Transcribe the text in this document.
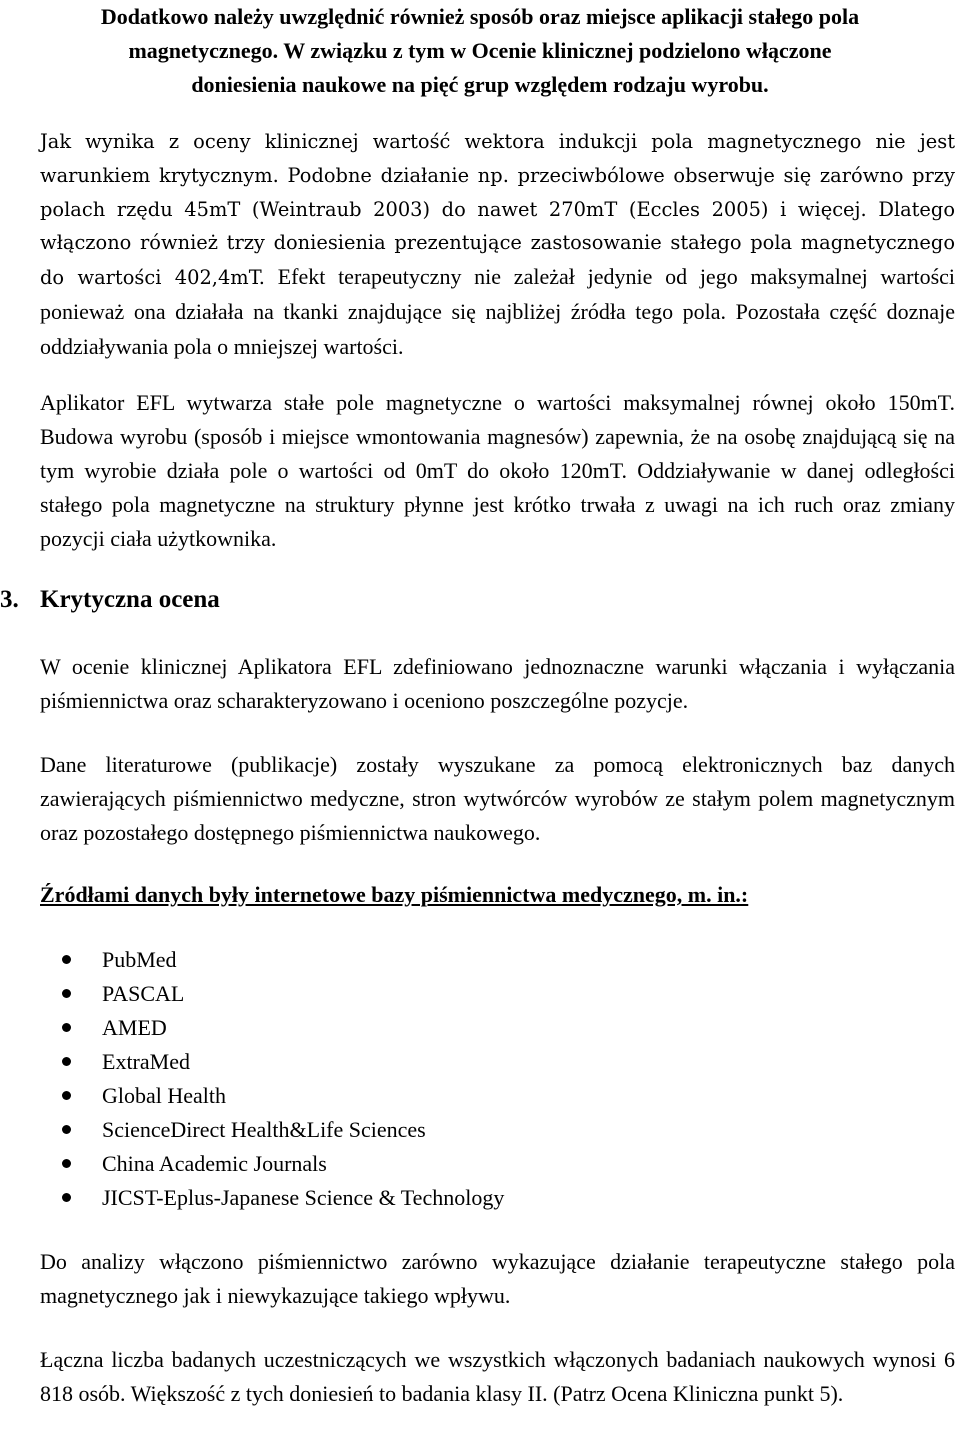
Dodatkowo należy uwzględnić również sposób oraz miejsce aplikacji stałego pola
magnetycznego. W związku z tym w Ocenie klinicznej podzielono włączone
doniesienia naukowe na pięć grup względem rodzaju wyrobu.

Jak wynika z oceny klinicznej wartość wektora indukcji pola magnetycznego nie jest warunkiem krytycznym. Podobne działanie np. przeciwbólowe obserwuje się zarówno przy polach rzędu 45mT (Weintraub 2003) do nawet 270mT (Eccles 2005) i więcej. Dlatego włączono również trzy doniesienia prezentujące zastosowanie stałego pola magnetycznego do wartości 402,4mT. Efekt terapeutyczny nie zależał jedynie od jego maksymalnej wartości ponieważ ona działała na tkanki znajdujące się najbliżej źródła tego pola. Pozostała część doznaje oddziaływania pola o mniejszej wartości.

Aplikator EFL wytwarza stałe pole magnetyczne o wartości maksymalnej równej około 150mT. Budowa wyrobu (sposób i miejsce wmontowania magnesów) zapewnia, że na osobę znajdującą się na tym wyrobie działa pole o wartości od 0mT do około 120mT. Oddziaływanie w danej odległości stałego pola magnetyczne na struktury płynne jest krótko trwała z uwagi na ich ruch oraz zmiany pozycji ciała użytkownika.

3. Krytyczna ocena

W ocenie klinicznej Aplikatora EFL zdefiniowano jednoznaczne warunki włączania i wyłączania piśmiennictwa oraz scharakteryzowano i oceniono poszczególne pozycje.

Dane literaturowe (publikacje) zostały wyszukane za pomocą elektronicznych baz danych zawierających piśmiennictwo medyczne, stron wytwórców wyrobów ze stałym polem magnetycznym oraz pozostałego dostępnego piśmiennictwa naukowego.

Źródłami danych były internetowe bazy piśmiennictwa medycznego, m. in.:

PubMed
PASCAL
AMED
ExtraMed
Global Health
ScienceDirect Health&Life Sciences
China Academic Journals
JICST-Eplus-Japanese Science & Technology

Do analizy włączono piśmiennictwo zarówno wykazujące działanie terapeutyczne stałego pola magnetycznego jak i niewykazujące takiego wpływu.

Łączna liczba badanych uczestniczących we wszystkich włączonych badaniach naukowych wynosi 6 818 osób. Większość z tych doniesień to badania klasy II. (Patrz Ocena Kliniczna punkt 5).
